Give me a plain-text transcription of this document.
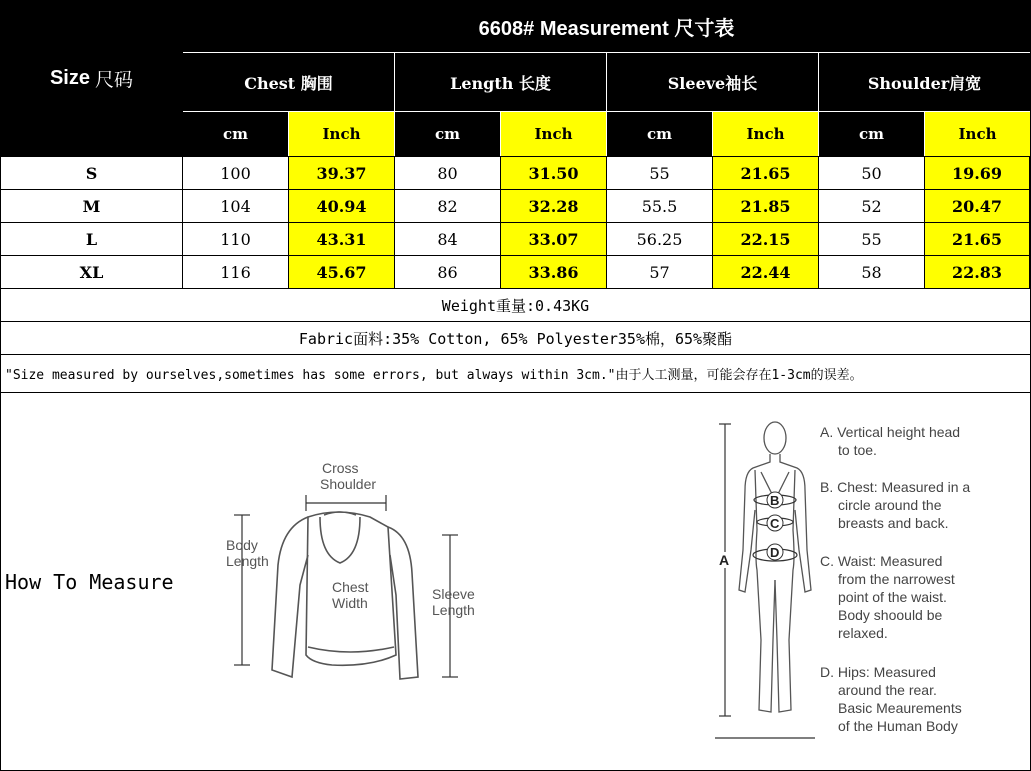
Size 尺码
6608# Measurement 尺寸表
Chest 胸围	Length 长度	Sleeve袖长	Shoulder肩宽
cm	Inch	cm	Inch	cm	Inch	cm	Inch
S	100	39.37	80	31.50	55	21.65	50	19.69
M	104	40.94	82	32.28	55.5	21.85	52	20.47
L	110	43.31	84	33.07	56.25	22.15	55	21.65
XL	116	45.67	86	33.86	57	22.44	58	22.83
Weight重量:0.43KG
Fabric面料:35% Cotton, 65% Polyester35%棉，65%聚酯
"Size measured by ourselves,sometimes has some errors, but always within 3cm."由于人工测量，可能会存在1-3cm的误差。
How To Measure
Cross
Shoulder
Body
Length
Chest
Width
Sleeve
Length
A
B
C
D
A. Vertical height head
to toe.
B. Chest: Measured in a
circle around the
breasts and back.
C. Waist: Measured
from the narrowest
point of the waist.
Body shoould be
relaxed.
D. Hips: Measured
around the rear.
Basic Meaurements
of the Human Body
